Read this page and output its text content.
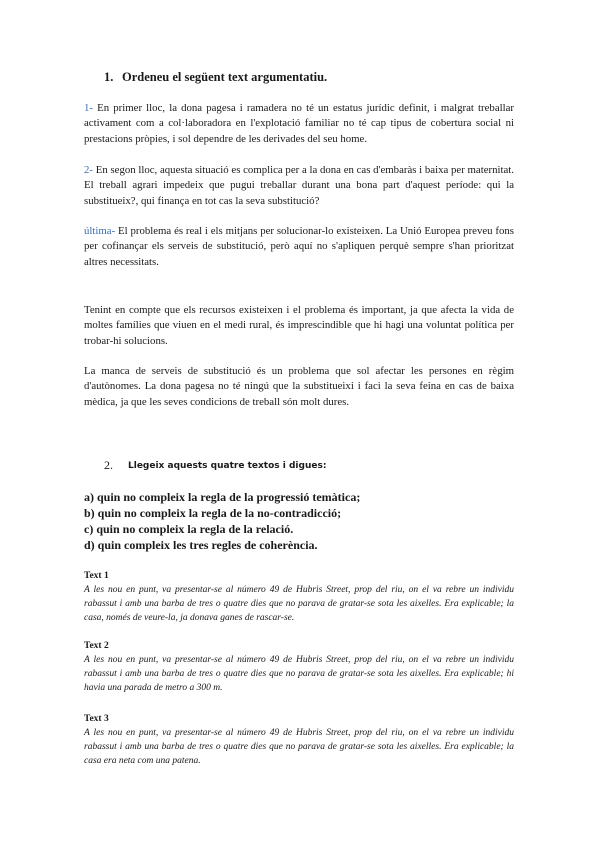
1. Ordeneu el següent text argumentatiu.

1- En primer lloc, la dona pagesa i ramadera no té un estatus jurídic definit, i malgrat treballar activament com a col·laboradora en l'explotació familiar no té cap tipus de cobertura social ni prestacions pròpies, i sol dependre de les derivades del seu home.

2- En segon lloc, aquesta situació es complica per a la dona en cas d'embaràs i baixa per maternitat. El treball agrari impedeix que pugui treballar durant una bona part d'aquest període: qui la substitueix?, qui finança en tot cas la seva substitució?

última- El problema és real i els mitjans per solucionar-lo existeixen. La Unió Europea preveu fons per cofinançar els serveis de substitució, però aquí no s'apliquen perquè sempre s'han prioritzat altres necessitats.

Tenint en compte que els recursos existeixen i el problema és important, ja que afecta la vida de moltes famílies que viuen en el medi rural, és imprescindible que hi hagi una voluntat política per trobar-hi solucions.

La manca de serveis de substitució és un problema que sol afectar les persones en règim d'autònomes. La dona pagesa no té ningú que la substitueixi i faci la seva feina en cas de baixa mèdica, ja que les seves condicions de treball són molt dures.

2. Llegeix aquests quatre textos i digues:
a) quin no compleix la regla de la progressió temàtica;
b) quin no compleix la regla de la no-contradicció;
c) quin no compleix la regla de la relació.
d) quin compleix les tres regles de coherència.
Text 1
A les nou en punt, va presentar-se al número 49 de Hubris Street, prop del riu, on el va rebre un individu rabassut i amb una barba de tres o quatre dies que no parava de gratar-se sota les aixelles. Era explicable; la casa, només de veure-la, ja donava ganes de rascar-se.
Text 2
A les nou en punt, va presentar-se al número 49 de Hubris Street, prop del riu, on el va rebre un individu rabassut i amb una barba de tres o quatre dies que no parava de gratar-se sota les aixelles. Era explicable; hi havia una parada de metro a 300 m.
Text 3
A les nou en punt, va presentar-se al número 49 de Hubris Street, prop del riu, on el va rebre un individu rabassut i amb una barba de tres o quatre dies que no parava de gratar-se sota les aixelles. Era explicable; la casa era neta com una patena.
